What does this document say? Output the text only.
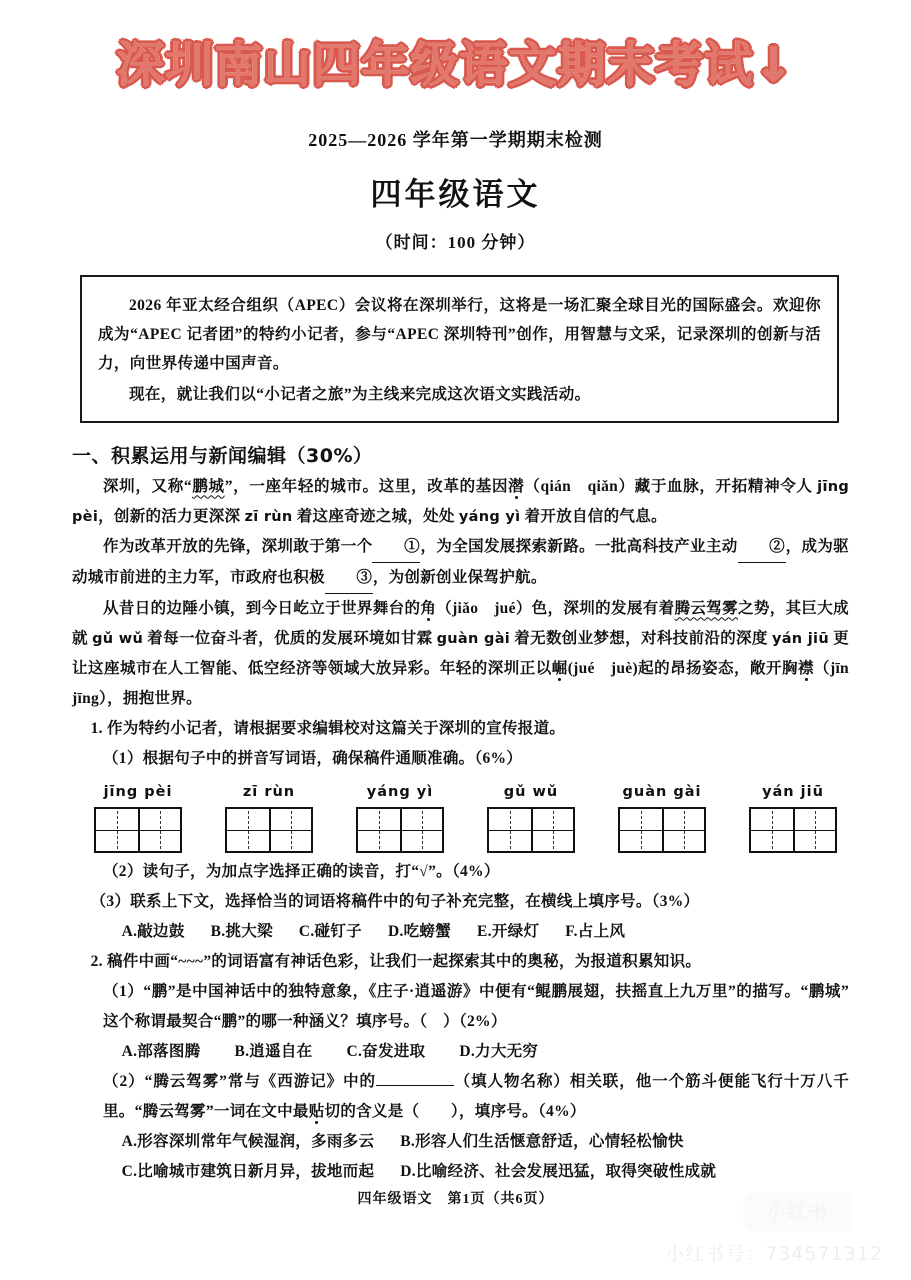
深圳南山四年级语文期末考试↓
2025—2026 学年第一学期期末检测
四年级语文
（时间：100 分钟）

2026 年亚太经合组织（APEC）会议将在深圳举行，这将是一场汇聚全球目光的国际盛会。欢迎你成为“APEC 记者团”的特约小记者，参与“APEC 深圳特刊”创作，用智慧与文采，记录深圳的创新与活力，向世界传递中国声音。

现在，就让我们以“小记者之旅”为主线来完成这次语文实践活动。

一、积累运用与新闻编辑（30%）

深圳，又称“鹏城”，一座年轻的城市。这里，改革的基因潜（qián　qiǎn）藏于血脉，开拓精神令人 jīng pèi，创新的活力更深深 zī rùn 着这座奇迹之城，处处 yáng yì 着开放自信的气息。

作为改革开放的先锋，深圳敢于第一个 ①，为全国发展探索新路。一批高科技产业主动 ②，成为驱动城市前进的主力军，市政府也积极 ③，为创新创业保驾护航。

从昔日的边陲小镇，到今日屹立于世界舞台的角（jiǎo　jué）色，深圳的发展有着腾云驾雾之势，其巨大成就 gǔ wǔ 着每一位奋斗者，优质的发展环境如甘霖 guàn gài 着无数创业梦想，对科技前沿的深度 yán jiū 更让这座城市在人工智能、低空经济等领域大放异彩。年轻的深圳正以崛(jué　juè)起的昂扬姿态，敞开胸襟（jīn　jīng），拥抱世界。

1. 作为特约小记者，请根据要求编辑校对这篇关于深圳的宣传报道。

（1）根据句子中的拼音写词语，确保稿件通顺准确。（6%）

jīng pèi	zī rùn	yáng yì	gǔ wǔ	guàn gài	yán jiū

（2）读句子，为加点字选择正确的读音，打“√”。（4%）

（3）联系上下文，选择恰当的词语将稿件中的句子补充完整，在横线上填序号。（3%）

A.敲边鼓 B.挑大梁 C.碰钉子 D.吃螃蟹 E.开绿灯 F.占上风

2. 稿件中画“~~~”的词语富有神话色彩，让我们一起探索其中的奥秘，为报道积累知识。

（1）“鹏”是中国神话中的独特意象，《庄子·逍遥游》中便有“鲲鹏展翅，扶摇直上九万里”的描写。“鹏城”这个称谓最契合“鹏”的哪一种涵义？填序号。（　）（2%）

A.部落图腾 B.逍遥自在 C.奋发进取 D.力大无穷

（2）“腾云驾雾”常与《西游记》中的	（填人物名称）相关联，他一个筋斗便能飞行十万八千里。“腾云驾雾”一词在文中最贴切的含义是（　　），填序号。（4%）

A.形容深圳常年气候湿润，多雨多云 B.形容人们生活惬意舒适，心情轻松愉快
C.比喻城市建筑日新月异，拔地而起 D.比喻经济、社会发展迅猛，取得突破性成就
四年级语文　第1页（共6页）
小红书
小红书号：734571312
